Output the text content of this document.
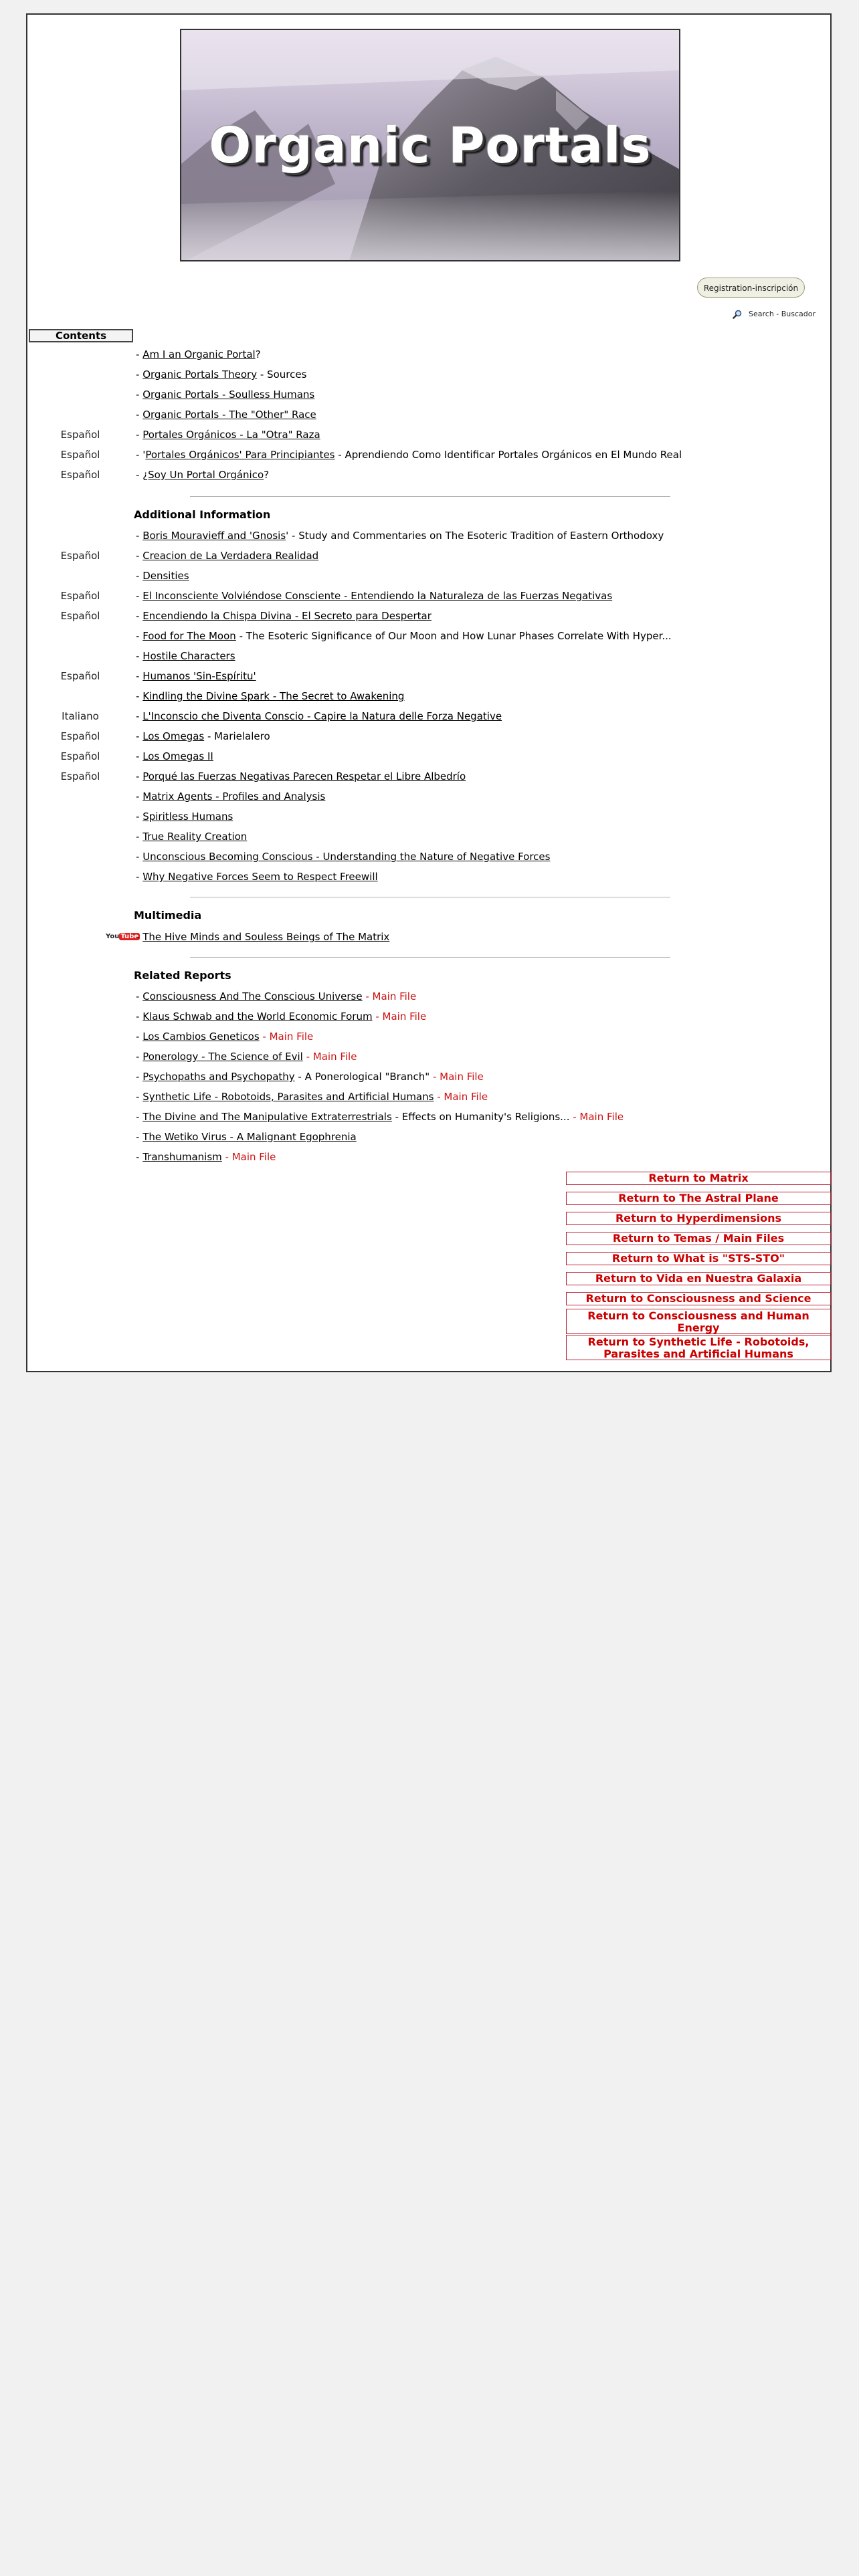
Organic Portals
Registration-inscripción
Search - Buscador
Contents
- Am I an Organic Portal?
- Organic Portals Theory - Sources
- Organic Portals - Soulless Humans
- Organic Portals - The "Other" Race
Español	- Portales Orgánicos - La "Otra" Raza
Español	- 'Portales Orgánicos' Para Principiantes - Aprendiendo Como Identificar Portales Orgánicos en El Mundo Real
Español	- ¿Soy Un Portal Orgánico?
Additional Information
- Boris Mouravieff and 'Gnosis' - Study and Commentaries on The Esoteric Tradition of Eastern Orthodoxy
Español	- Creacion de La Verdadera Realidad
- Densities
Español	- El Inconsciente Volviéndose Consciente - Entendiendo la Naturaleza de las Fuerzas Negativas
Español	- Encendiendo la Chispa Divina - El Secreto para Despertar
- Food for The Moon - The Esoteric Significance of Our Moon and How Lunar Phases Correlate With Hyper...
- Hostile Characters
Español	- Humanos 'Sin-Espíritu'
- Kindling the Divine Spark - The Secret to Awakening
Italiano	- L'Inconscio che Diventa Conscio - Capire la Natura delle Forza Negative
Español	- Los Omegas - Marielalero
Español	- Los Omegas II
Español	- Porqué las Fuerzas Negativas Parecen Respetar el Libre Albedrío
- Matrix Agents - Profiles and Analysis
- Spiritless Humans
- True Reality Creation
- Unconscious Becoming Conscious - Understanding the Nature of Negative Forces
- Why Negative Forces Seem to Respect Freewill
Multimedia
You Tube
- The Hive Minds and Souless Beings of The Matrix
Related Reports
- Consciousness And The Conscious Universe - Main File
- Klaus Schwab and the World Economic Forum - Main File
- Los Cambios Geneticos - Main File
- Ponerology - The Science of Evil - Main File
- Psychopaths and Psychopathy - A Ponerological "Branch" - Main File
- Synthetic Life - Robotoids, Parasites and Artificial Humans - Main File
- The Divine and The Manipulative Extraterrestrials - Effects on Humanity's Religions... - Main File
- The Wetiko Virus - A Malignant Egophrenia
- Transhumanism - Main File
Return to Matrix
Return to The Astral Plane
Return to Hyperdimensions
Return to Temas / Main Files
Return to What is "STS-STO"
Return to Vida en Nuestra Galaxia
Return to Consciousness and Science
Return to Consciousness and Human Energy
Return to Synthetic Life - Robotoids, Parasites and Artificial Humans
